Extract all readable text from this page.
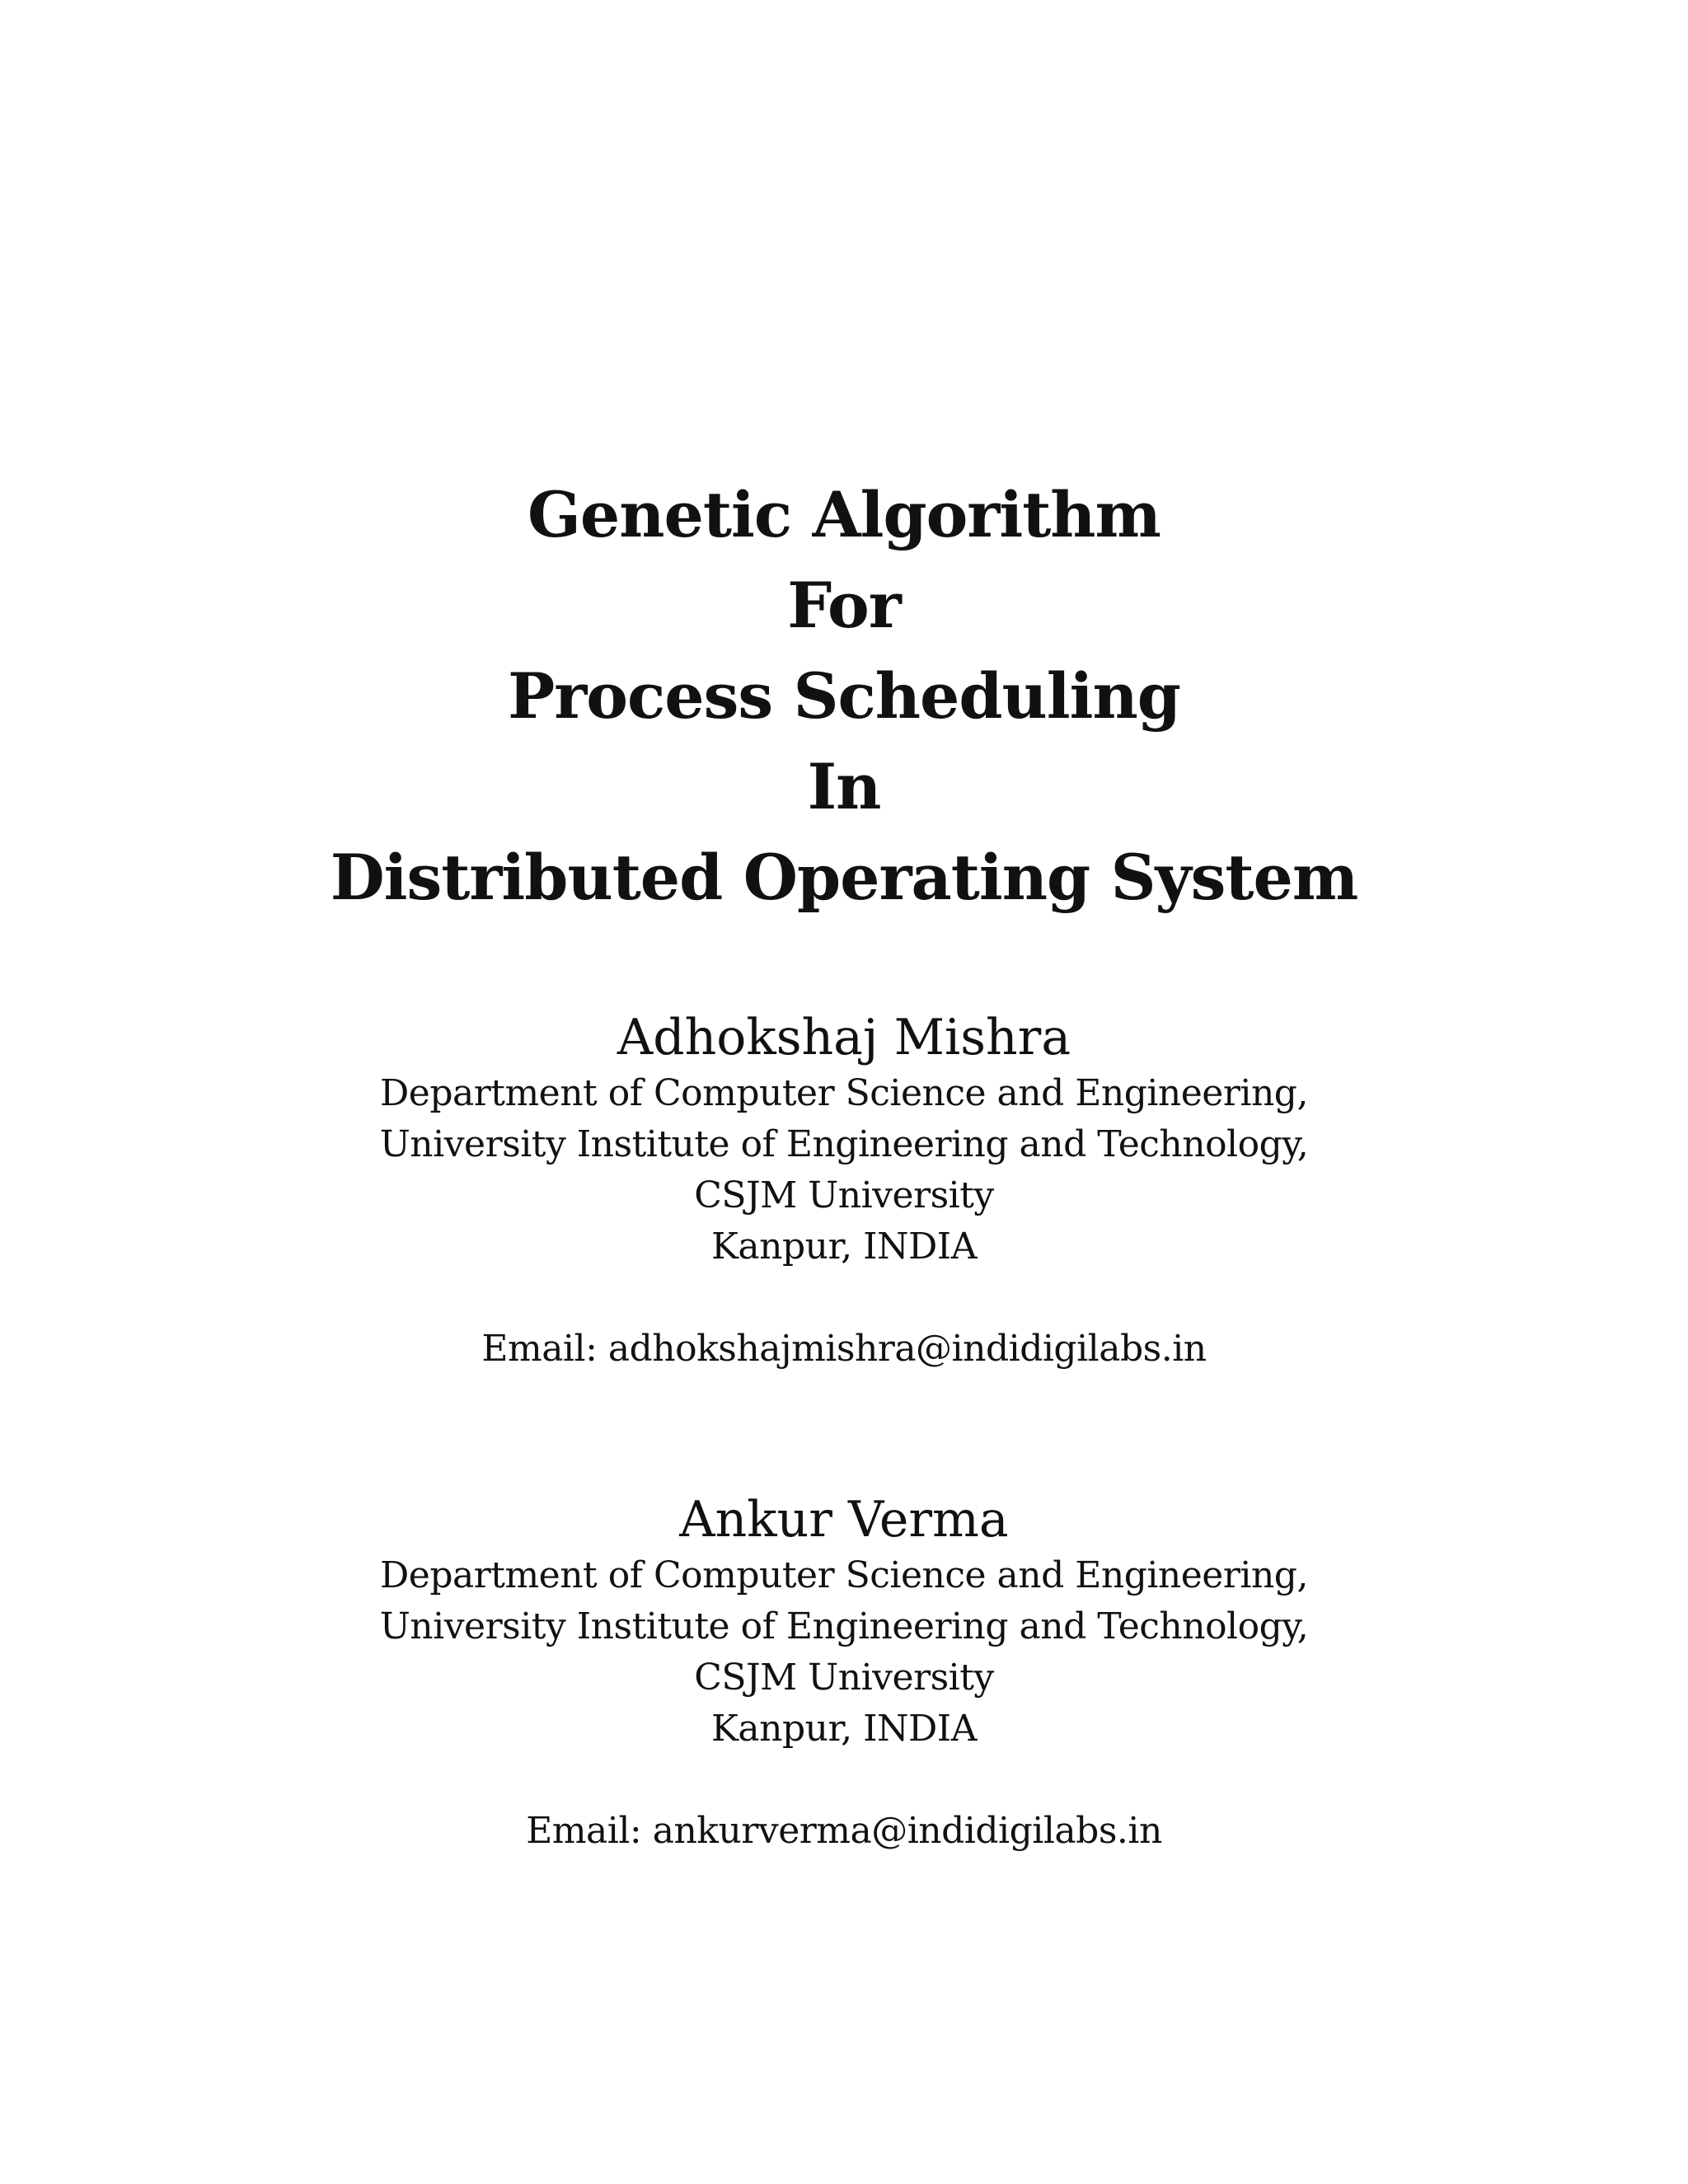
Genetic Algorithm
For
Process Scheduling
In
Distributed Operating System
Adhokshaj Mishra
Department of Computer Science and Engineering,
University Institute of Engineering and Technology,
CSJM University
Kanpur, INDIA
Email: adhokshajmishra@indidigilabs.in
Ankur Verma
Department of Computer Science and Engineering,
University Institute of Engineering and Technology,
CSJM University
Kanpur, INDIA
Email: ankurverma@indidigilabs.in
